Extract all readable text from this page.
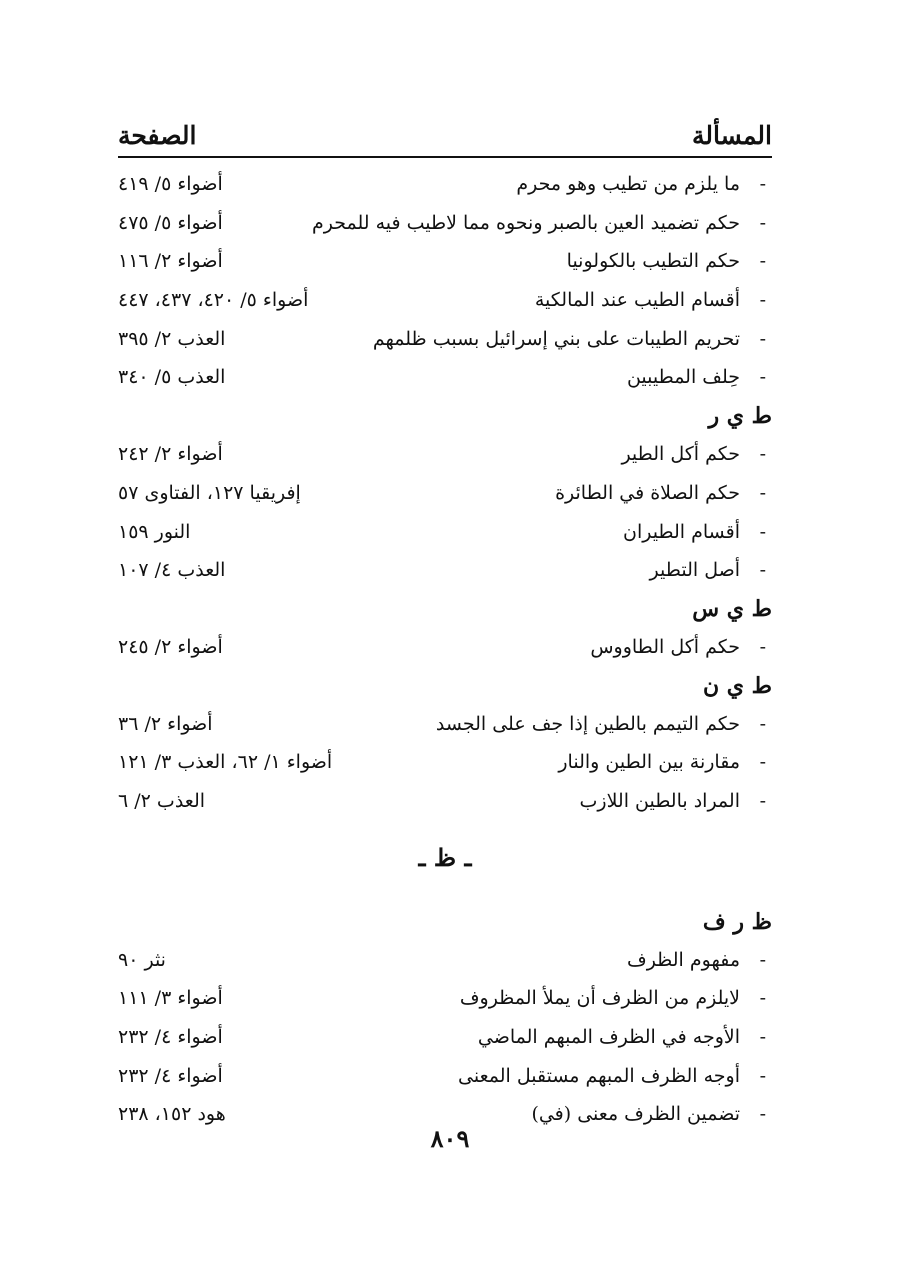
المسألة
الصفحة
-
ما يلزم من تطيب وهو محرم
أضواء ٥/ ٤١٩
-
حكم تضميد العين بالصبر ونحوه مما لاطيب فيه للمحرم
أضواء ٥/ ٤٧٥
-
حكم التطيب بالكولونيا
أضواء ٢/ ١١٦
-
أقسام الطيب عند المالكية
أضواء ٥/ ٤٢٠، ٤٣٧، ٤٤٧
-
تحريم الطيبات على بني إسرائيل بسبب ظلمهم
العذب ٢/ ٣٩٥
-
حِلف المطيبين
العذب ٥/ ٣٤٠
ط ي ر
-
حكم أكل الطير
أضواء ٢/ ٢٤٢
-
حكم الصلاة في الطائرة
إفريقيا ١٢٧، الفتاوى ٥٧
-
أقسام الطيران
النور ١٥٩
-
أصل التطير
العذب ٤/ ١٠٧
ط ي س
-
حكم أكل الطاووس
أضواء ٢/ ٢٤٥
ط ي ن
-
حكم التيمم بالطين إذا جف على الجسد
أضواء ٢/ ٣٦
-
مقارنة بين الطين والنار
أضواء ١/ ٦٢، العذب ٣/ ١٢١
-
المراد بالطين اللازب
العذب ٢/ ٦
ـ ظ ـ
ظ ر ف
-
مفهوم الظرف
نثر ٩٠
-
لايلزم من الظرف أن يملأ المظروف
أضواء ٣/ ١١١
-
الأوجه في الظرف المبهم الماضي
أضواء ٤/ ٢٣٢
-
أوجه الظرف المبهم مستقبل المعنى
أضواء ٤/ ٢٣٢
-
تضمين الظرف معنى (في)
هود ١٥٢، ٢٣٨
٨٠٩
